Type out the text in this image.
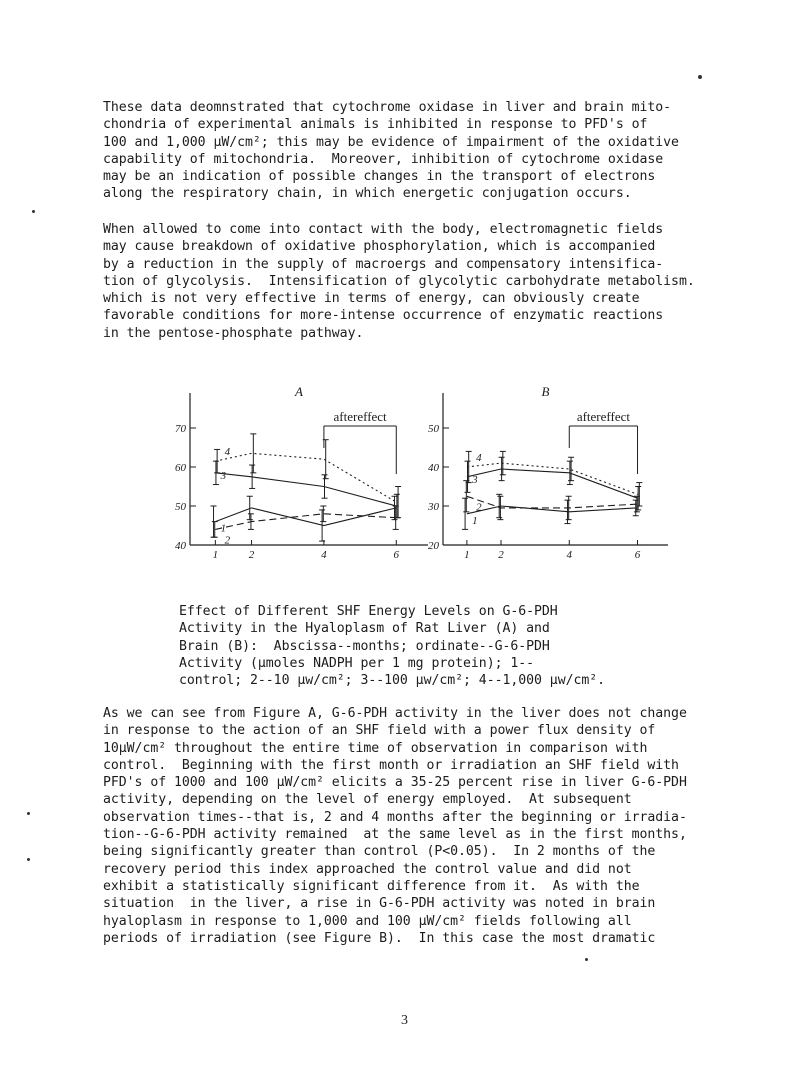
These data deomnstrated that cytochrome oxidase in liver and brain mito-
chondria of experimental animals is inhibited in response to PFD's of
100 and 1,000 µW/cm²; this may be evidence of impairment of the oxidative
capability of mitochondria.  Moreover, inhibition of cytochrome oxidase
may be an indication of possible changes in the transport of electrons
along the respiratory chain, in which energetic conjugation occurs.
When allowed to come into contact with the body, electromagnetic fields
may cause breakdown of oxidative phosphorylation, which is accompanied
by a reduction in the supply of macroergs and compensatory intensifica-
tion of glycolysis.  Intensification of glycolytic carbohydrate metabolism.
which is not very effective in terms of energy, can obviously create
favorable conditions for more-intense occurrence of enzymatic reactions
in the pentose-phosphate pathway.
40
50
60
70
1	2	4	6
A
aftereffect
1
2
3
4
20
30
40
50
1	2	4	6
B
aftereffect
1
2
3
4
Effect of Different SHF Energy Levels on G-6-PDH
Activity in the Hyaloplasm of Rat Liver (A) and
Brain (B):  Abscissa--months; ordinate--G-6-PDH
Activity (µmoles NADPH per 1 mg protein); 1--
control; 2--10 µw/cm²; 3--100 µw/cm²; 4--1,000 µw/cm².
As we can see from Figure A, G-6-PDH activity in the liver does not change
in response to the action of an SHF field with a power flux density of
10µW/cm² throughout the entire time of observation in comparison with
control.  Beginning with the first month or irradiation an SHF field with
PFD's of 1000 and 100 µW/cm² elicits a 35-25 percent rise in liver G-6-PDH
activity, depending on the level of energy employed.  At subsequent
observation times--that is, 2 and 4 months after the beginning or irradia-
tion--G-6-PDH activity remained  at the same level as in the first months,
being significantly greater than control (P<0.05).  In 2 months of the
recovery period this index approached the control value and did not
exhibit a statistically significant difference from it.  As with the
situation  in the liver, a rise in G-6-PDH activity was noted in brain
hyaloplasm in response to 1,000 and 100 µW/cm² fields following all
periods of irradiation (see Figure B).  In this case the most dramatic
3
